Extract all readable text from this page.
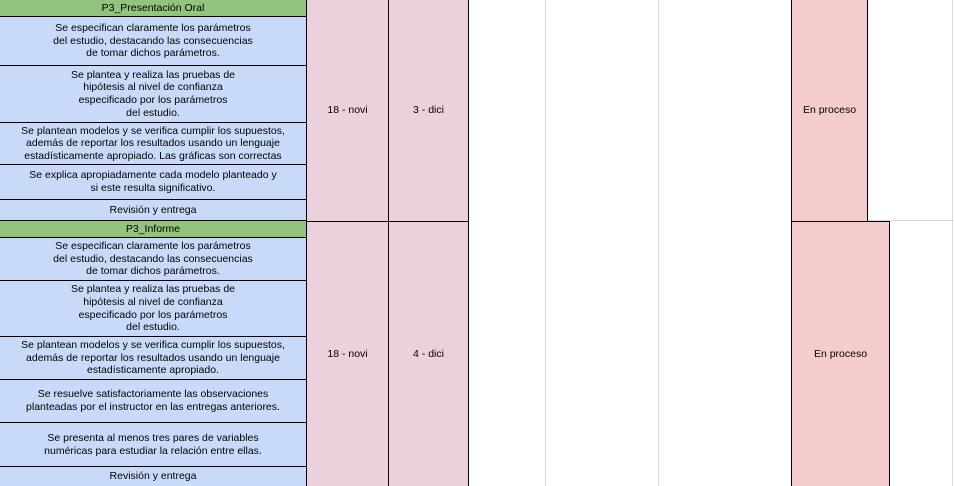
P3_Presentación Oral
Se especifican claramente los parámetros
del estudio, destacando las consecuencias
de tomar dichos parámetros.
Se plantea y realiza las pruebas de
hipótesis al nivel de confianza
especificado por los parámetros
del estudio.
Se plantean modelos y se verifica cumplir los supuestos,
además de reportar los resultados usando un lenguaje
estadísticamente apropiado. Las gráficas son correctas
Se explica apropiadamente cada modelo planteado y
si este resulta significativo.
Revisión y entrega
18 - novi	3 - dici	En proceso
P3_Informe
Se especifican claramente los parámetros
del estudio, destacando las consecuencias
de tomar dichos parámetros.
Se plantea y realiza las pruebas de
hipótesis al nivel de confianza
especificado por los parámetros
del estudio.
Se plantean modelos y se verifica cumplir los supuestos,
además de reportar los resultados usando un lenguaje
estadísticamente apropiado.
Se resuelve satisfactoriamente las observaciones
planteadas por el instructor en las entregas anteriores.
Se presenta al menos tres pares de variables
numéricas para estudiar la relación entre ellas.
Revisión y entrega
18 - novi	4 - dici	En proceso
